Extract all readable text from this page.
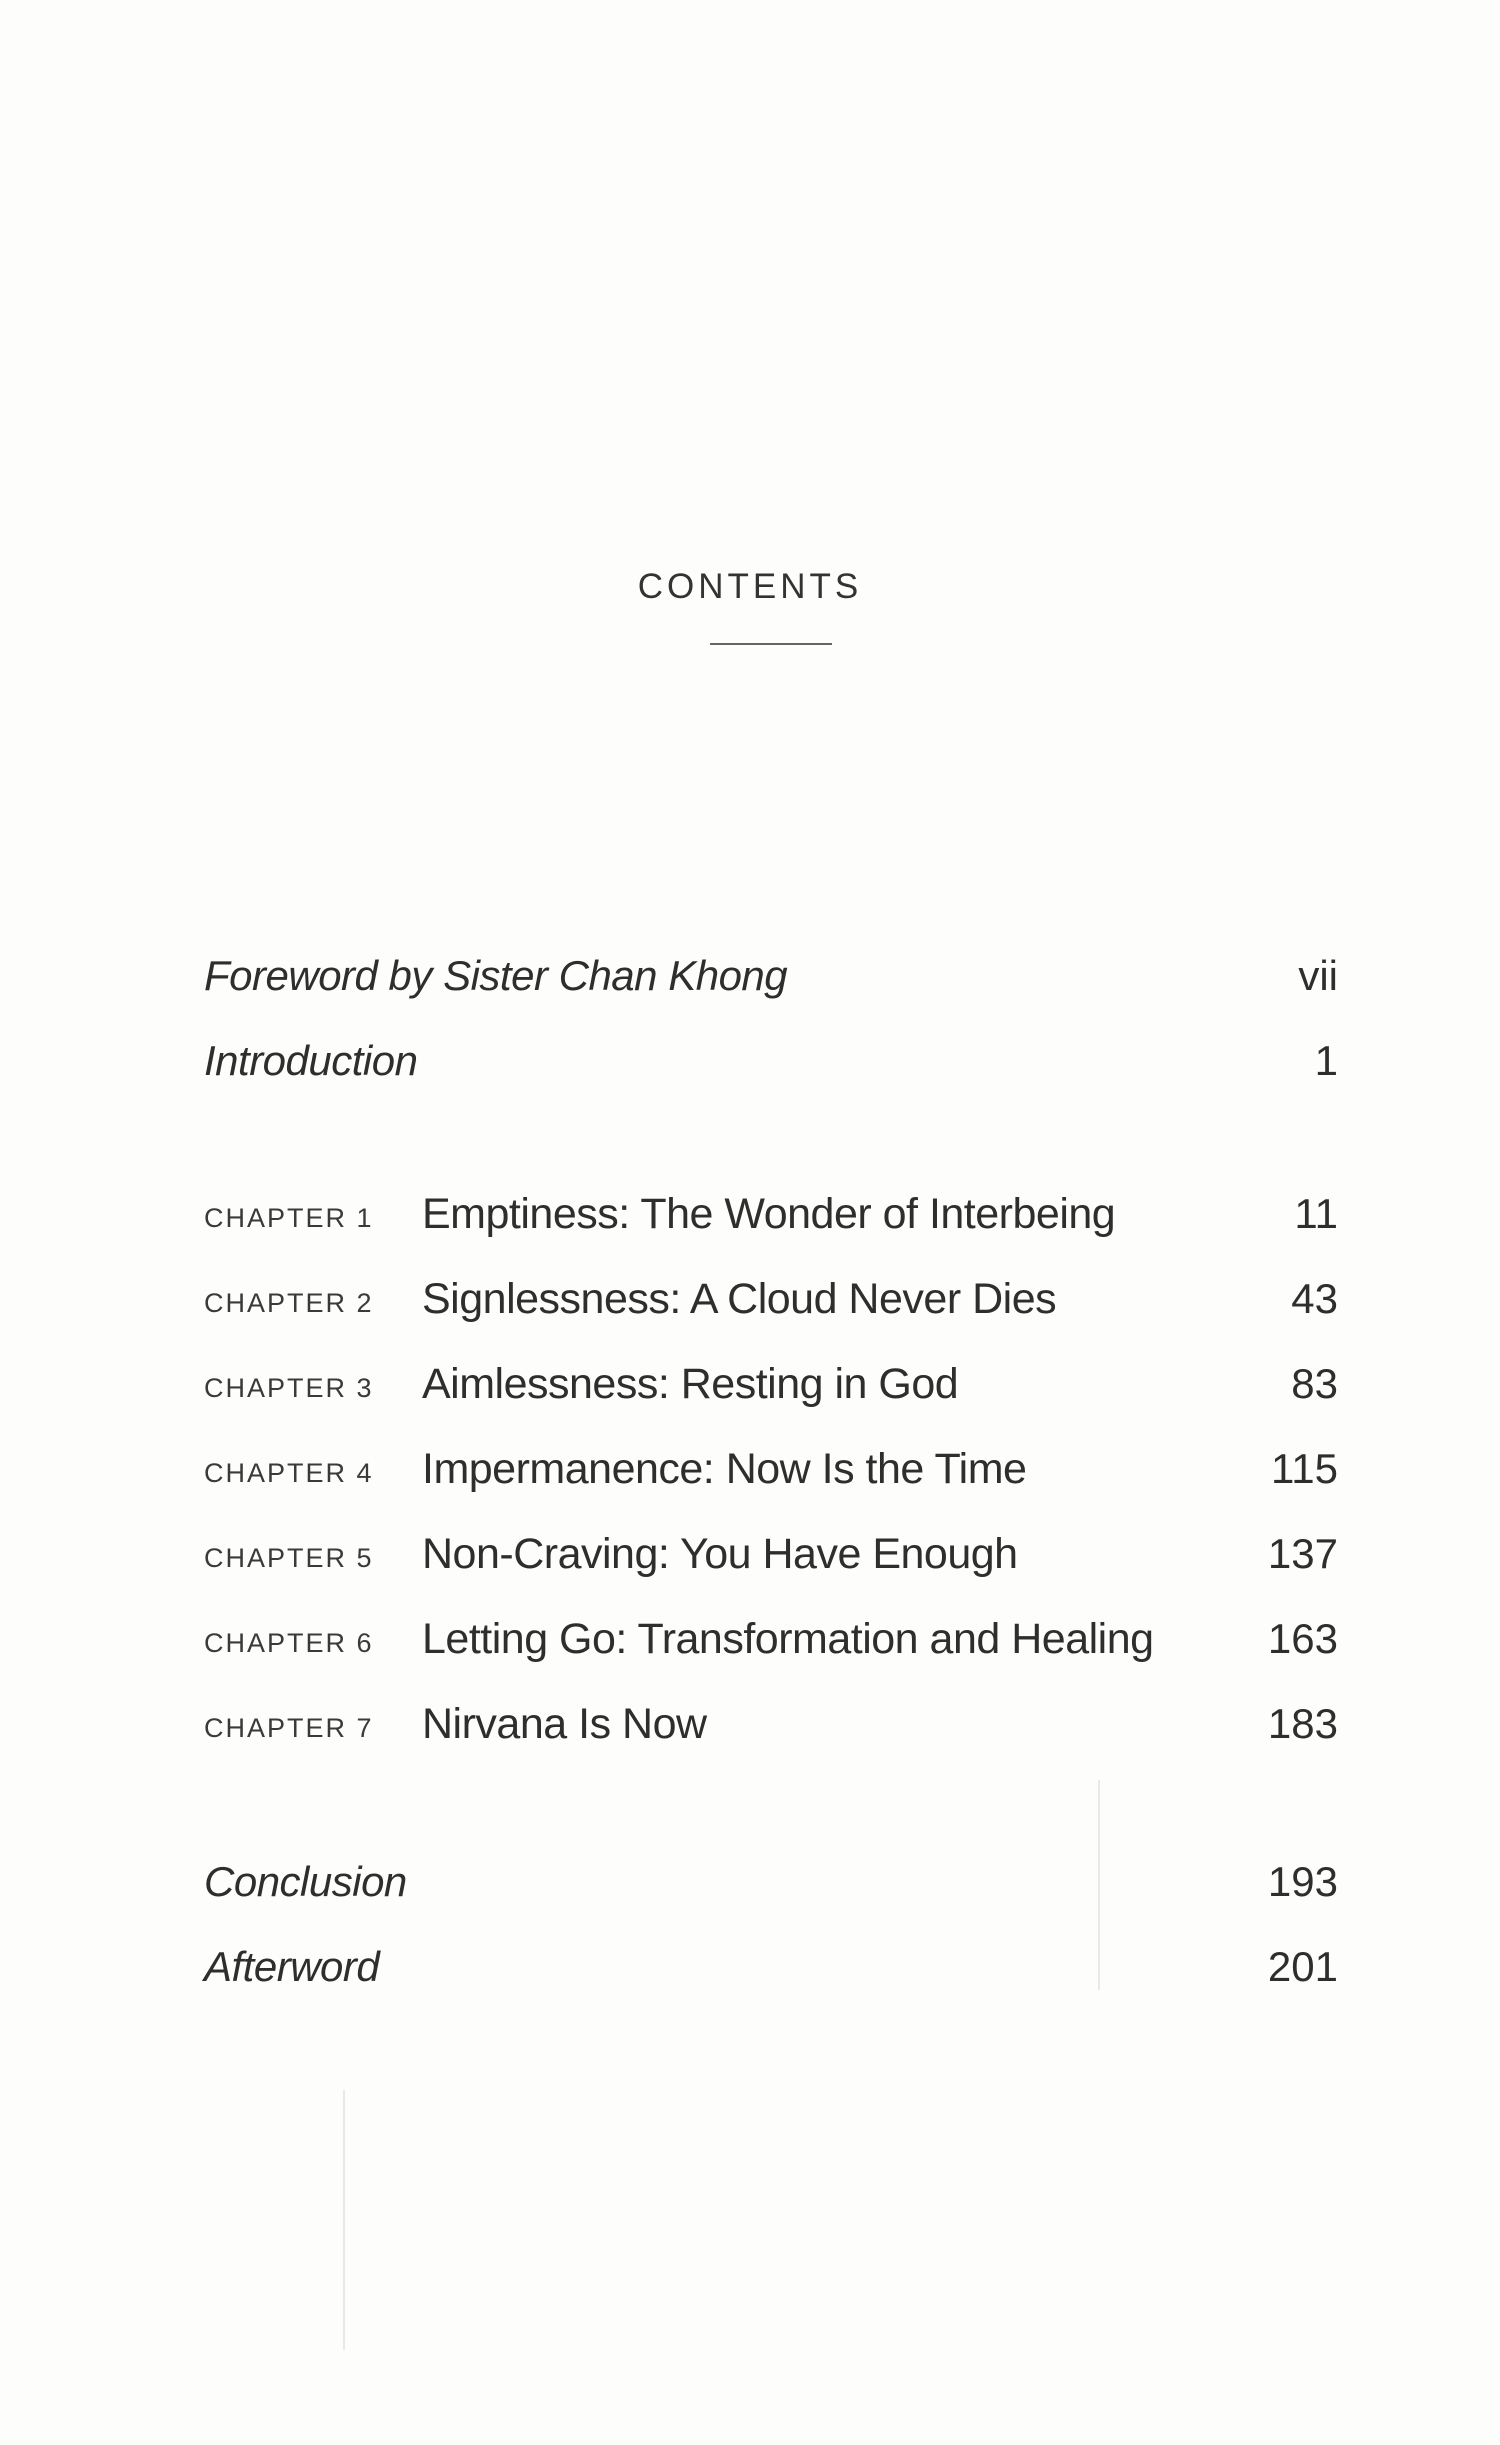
CONTENTS
Foreword by Sister Chan Khong	vii
Introduction	1
CHAPTER 1 Emptiness: The Wonder of Interbeing	11
CHAPTER 2 Signlessness: A Cloud Never Dies	43
CHAPTER 3 Aimlessness: Resting in God	83
CHAPTER 4 Impermanence: Now Is the Time	115
CHAPTER 5 Non-Craving: You Have Enough	137
CHAPTER 6 Letting Go: Transformation and Healing	163
CHAPTER 7 Nirvana Is Now	183
Conclusion	193
Afterword	201
